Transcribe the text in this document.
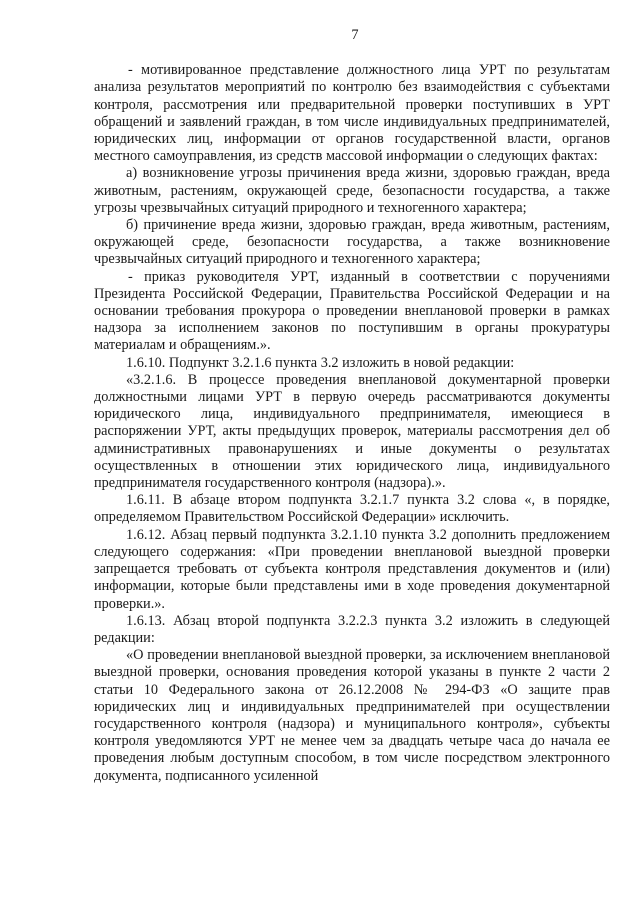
7

- мотивированное представление должностного лица УРТ по результатам анализа результатов мероприятий по контролю без взаимодействия с субъектами контроля, рассмотрения или предварительной проверки поступивших в УРТ обращений и заявлений граждан, в том числе индивидуальных предпринимателей, юридических лиц, информации от органов государственной власти, органов местного самоуправления, из средств массовой информации о следующих фактах:

а) возникновение угрозы причинения вреда жизни, здоровью граждан, вреда животным, растениям, окружающей среде, безопасности государства, а также угрозы чрезвычайных ситуаций природного и техногенного характера;

б) причинение вреда жизни, здоровью граждан, вреда животным, растениям, окружающей среде, безопасности государства, а также возникновение чрезвычайных ситуаций природного и техногенного характера;

- приказ руководителя УРТ, изданный в соответствии с поручениями Президента Российской Федерации, Правительства Российской Федерации и на основании требования прокурора о проведении внеплановой проверки в рамках надзора за исполнением законов по поступившим в органы прокуратуры материалам и обращениям.».

1.6.10. Подпункт 3.2.1.6 пункта 3.2 изложить в новой редакции:

«3.2.1.6. В процессе проведения внеплановой документарной проверки должностными лицами УРТ в первую очередь рассматриваются документы юридического лица, индивидуального предпринимателя, имеющиеся в распоряжении УРТ, акты предыдущих проверок, материалы рассмотрения дел об административных правонарушениях и иные документы о результатах осуществленных в отношении этих юридического лица, индивидуального предпринимателя государственного контроля (надзора).».

1.6.11. В абзаце втором подпункта 3.2.1.7 пункта 3.2 слова «, в порядке, определяемом Правительством Российской Федерации» исключить.

1.6.12. Абзац первый подпункта 3.2.1.10 пункта 3.2 дополнить предложением следующего содержания: «При проведении внеплановой выездной проверки запрещается требовать от субъекта контроля представления документов и (или) информации, которые были представлены ими в ходе проведения документарной проверки.».

1.6.13. Абзац второй подпункта 3.2.2.3 пункта 3.2 изложить в следующей редакции:

«О проведении внеплановой выездной проверки, за исключением внеплановой выездной проверки, основания проведения которой указаны в пункте 2 части 2 статьи 10 Федерального закона от 26.12.2008 № 294-ФЗ «О защите прав юридических лиц и индивидуальных предпринимателей при осуществлении государственного контроля (надзора) и муниципального контроля», субъекты контроля уведомляются УРТ не менее чем за двадцать четыре часа до начала ее проведения любым доступным способом, в том числе посредством электронного документа, подписанного усиленной
